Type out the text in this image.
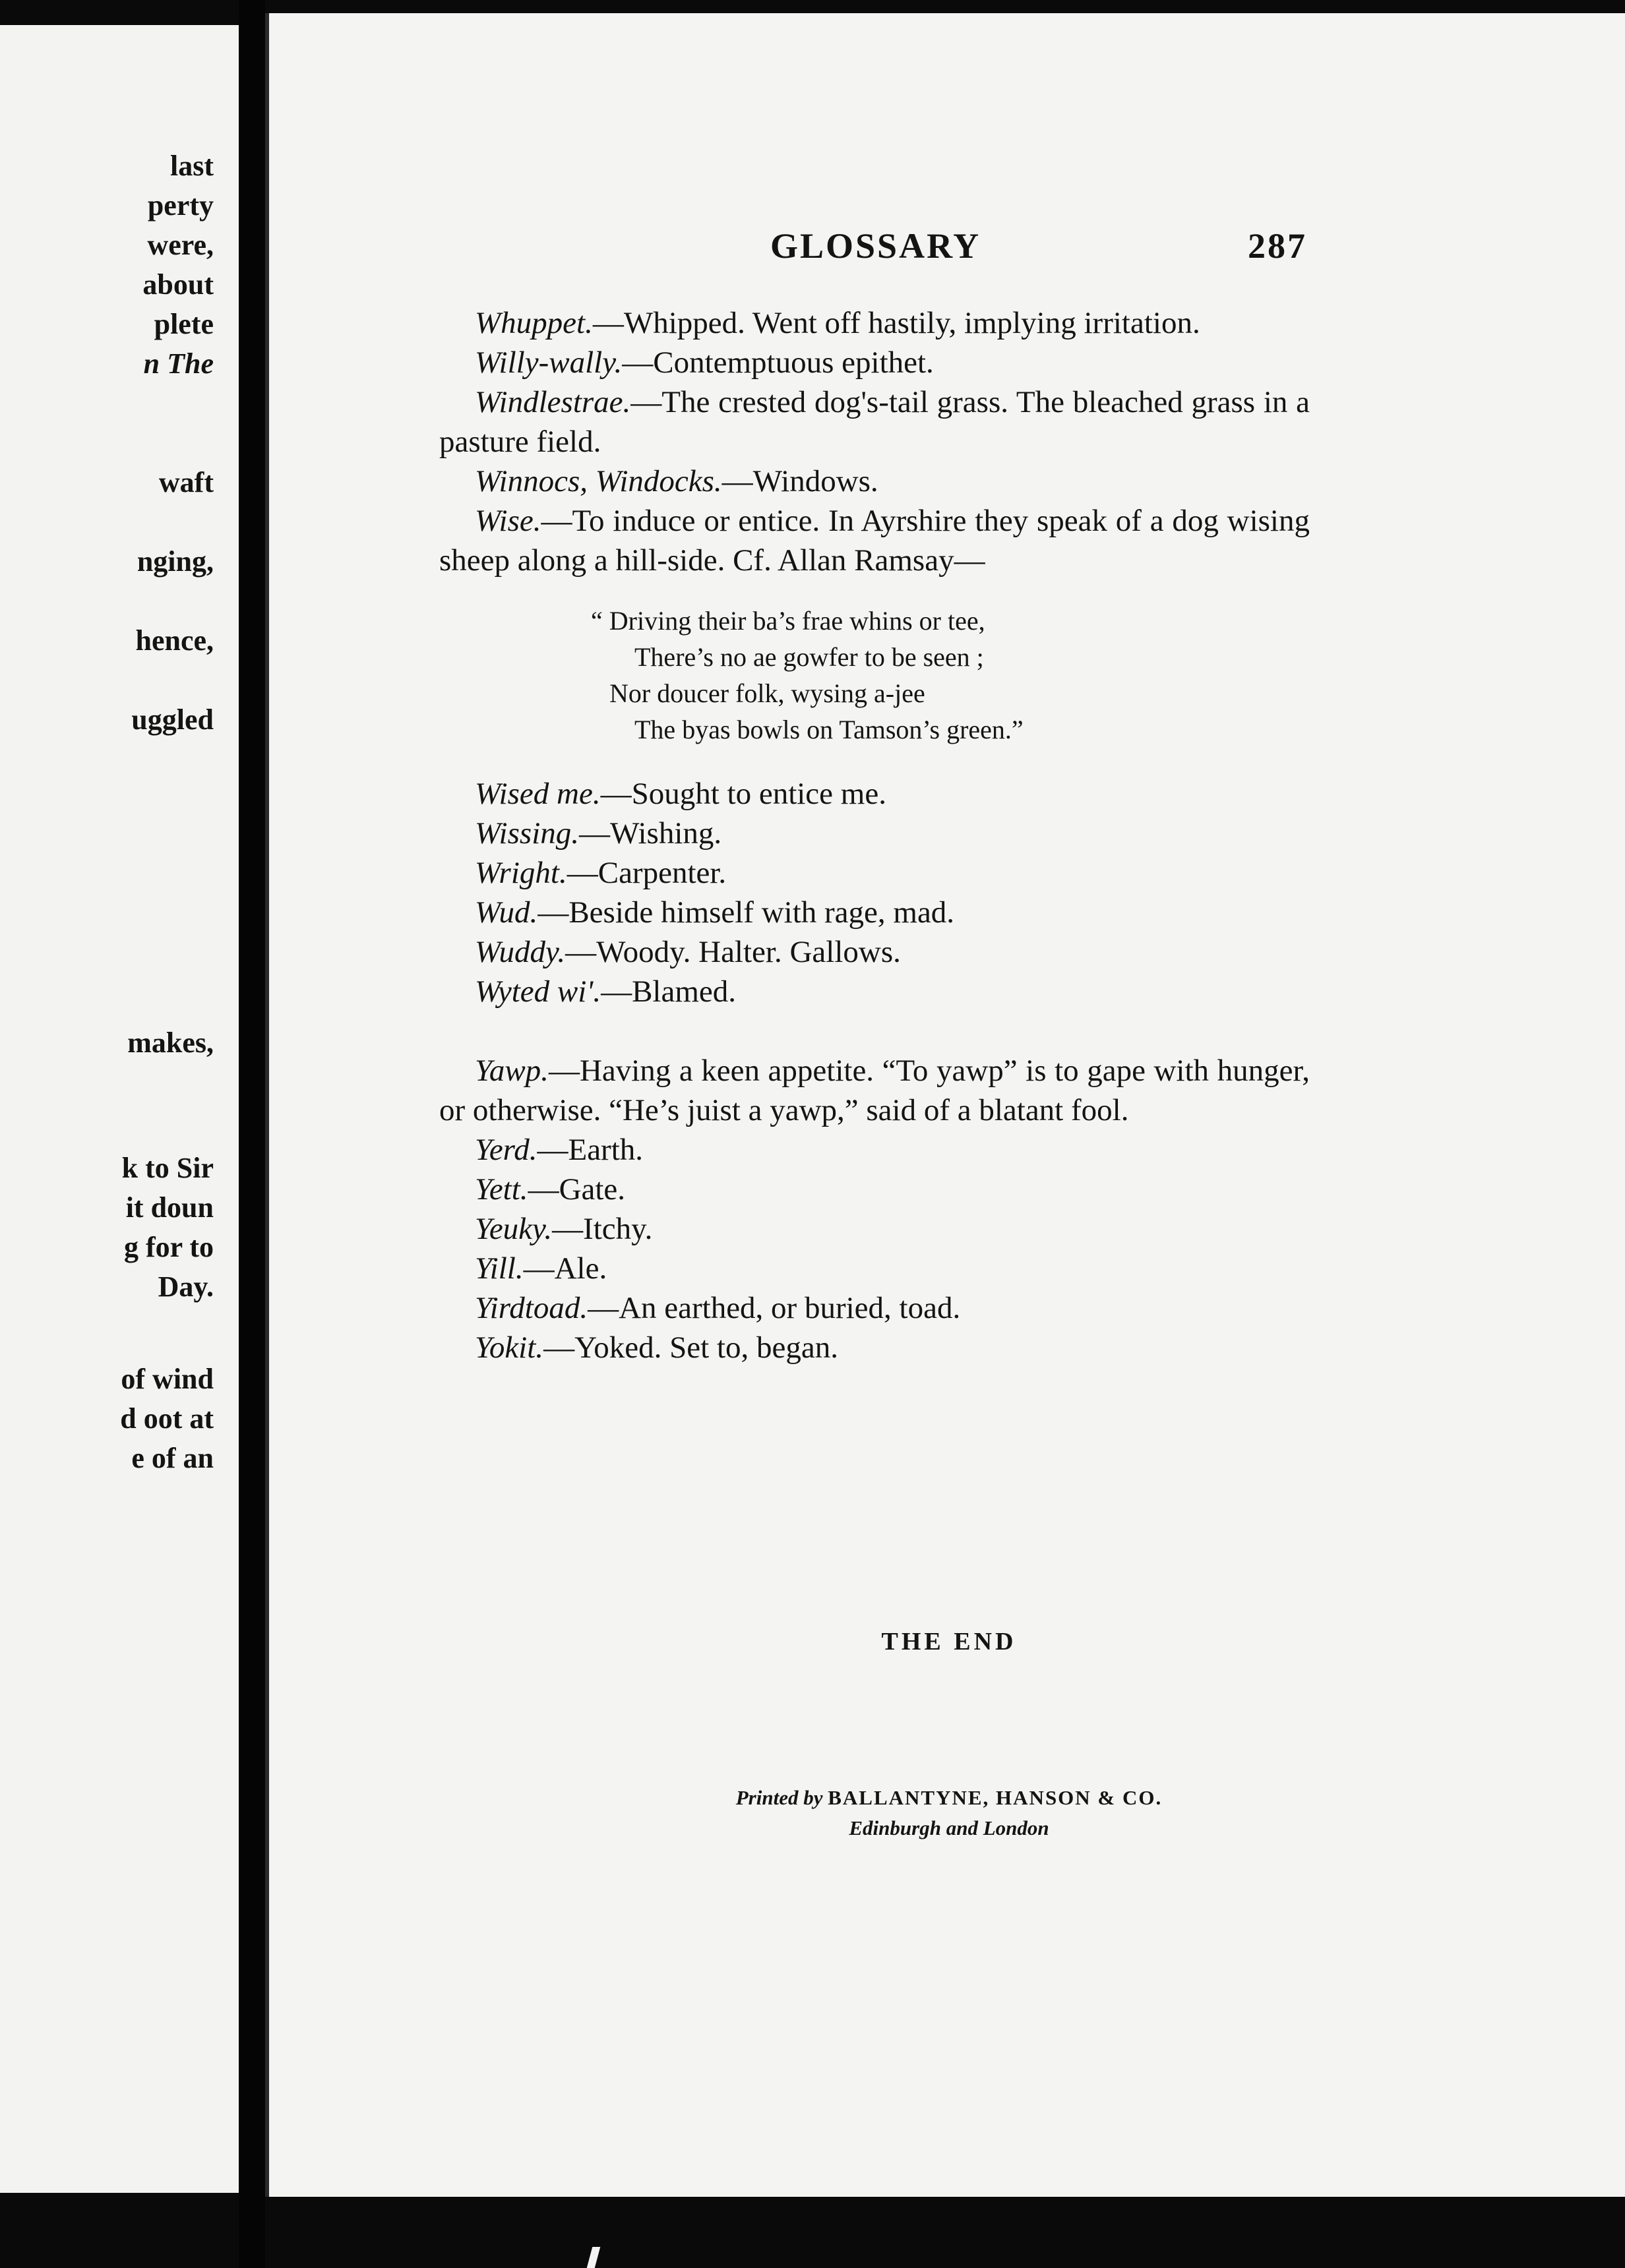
last

perty

were,

about

plete

n The

waft

nging,

hence,

uggled

makes,

k to Sir

it doun

g for to

Day.

of wind

d oot at

e of an

GLOSSARY	287

Whuppet.—Whipped. Went off hastily, implying irritation.

Willy-wally.—Contemptuous epithet.

Windlestrae.—The crested dog's-tail grass. The bleached grass in a pasture field.

Winnocs, Windocks.—Windows.

Wise.—To induce or entice. In Ayrshire they speak of a dog wising sheep along a hill-side. Cf. Allan Ramsay—

“ Driving their ba’s frae whins or tee,

There’s no ae gowfer to be seen ;

Nor doucer folk, wysing a-jee

The byas bowls on Tamson’s green.”

Wised me.—Sought to entice me.

Wissing.—Wishing.

Wright.—Carpenter.

Wud.—Beside himself with rage, mad.

Wuddy.—Woody. Halter. Gallows.

Wyted wi'.—Blamed.

Yawp.—Having a keen appetite. “To yawp” is to gape with hunger, or otherwise. “He’s juist a yawp,” said of a blatant fool.

Yerd.—Earth.

Yett.—Gate.

Yeuky.—Itchy.

Yill.—Ale.

Yirdtoad.—An earthed, or buried, toad.

Yokit.—Yoked. Set to, began.

THE END
Printed by BALLANTYNE, HANSON & CO.
Edinburgh and London
